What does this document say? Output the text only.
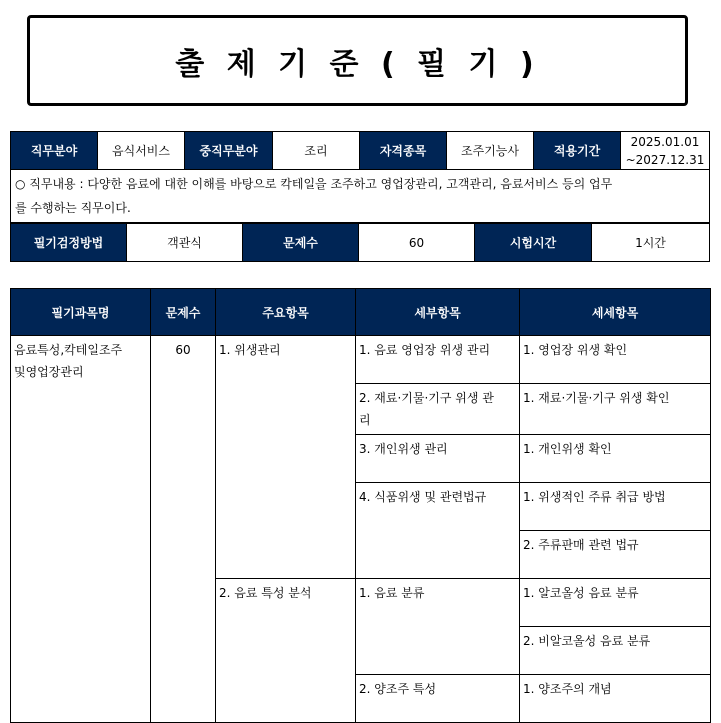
출 제 기 준 ( 필 기 )
직무분야	음식서비스	중직무분야	조리	자격종목	조주기능사	적용기간	
2025.01.01
~2027.12.31

○ 직무내용 : 다양한 음료에 대한 이해를 바탕으로 칵테일을 조주하고 영업장관리, 고객관리, 음료서비스 등의 업무
를 수행하는 직무이다.
필기검정방법	객관식	문제수	60	시험시간	1시간
필기과목명	문제수	주요항목	세부항목	세세항목

음료특성,칵테일조주
및영업장관리	60	1. 위생관리	1. 음료 영업장 위생 관리	1. 영업장 위생 확인

			2. 재료·기물·기구 위생 관
리	1. 재료·기물·기구 위생 확인
			3. 개인위생 관리	1. 개인위생 확인
			4. 식품위생 및 관련법규	1. 위생적인 주류 취급 방법
				2. 주류판매 관련 법규
		2. 음료 특성 분석	1. 음료 분류	1. 알코올성 음료 분류
				2. 비알코올성 음료 분류
			2. 양조주 특성	1. 양조주의 개념
